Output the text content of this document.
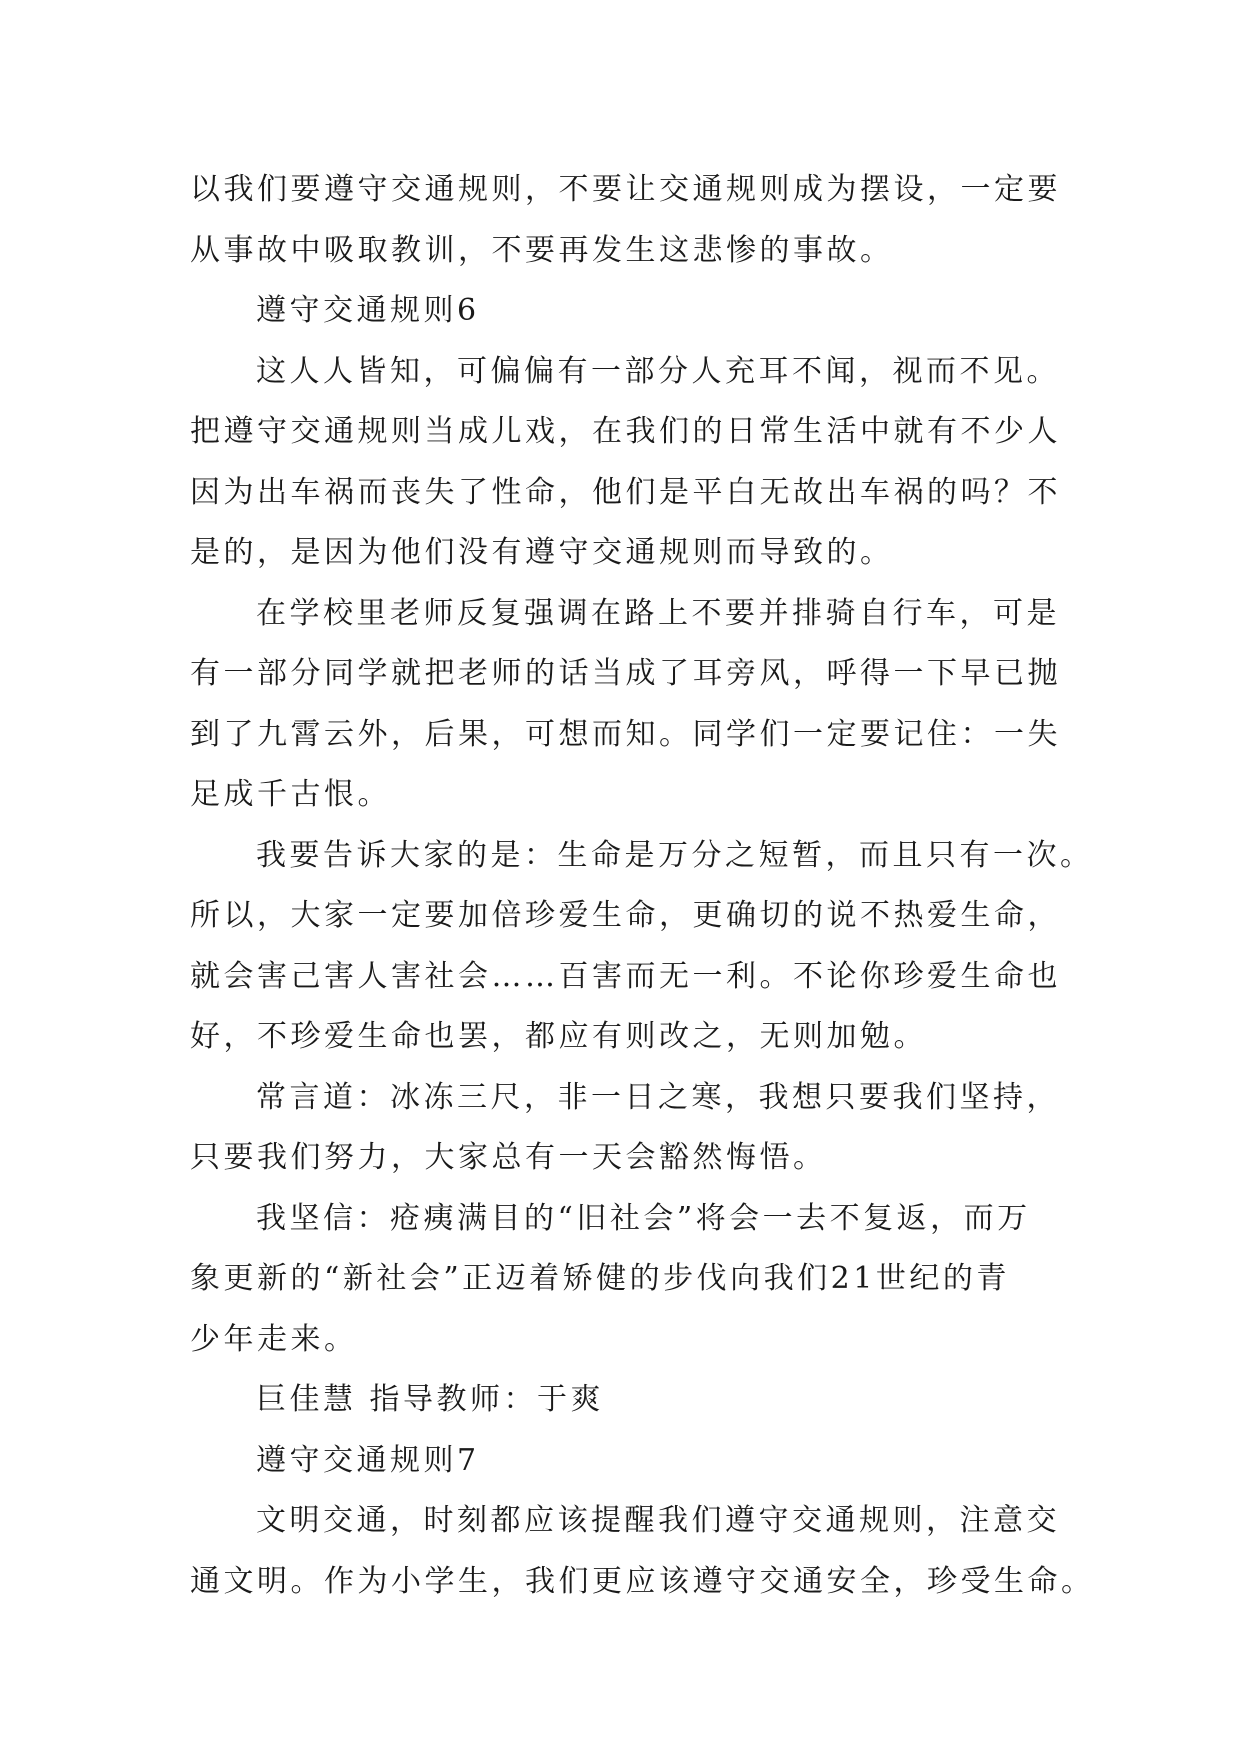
以我们要遵守交通规则，不要让交通规则成为摆设，一定要
从事故中吸取教训，不要再发生这悲惨的事故。
遵守交通规则6
这人人皆知，可偏偏有一部分人充耳不闻，视而不见。
把遵守交通规则当成儿戏，在我们的日常生活中就有不少人
因为出车祸而丧失了性命，他们是平白无故出车祸的吗？不
是的，是因为他们没有遵守交通规则而导致的。
在学校里老师反复强调在路上不要并排骑自行车，可是
有一部分同学就把老师的话当成了耳旁风，呼得一下早已抛
到了九霄云外，后果，可想而知。同学们一定要记住：一失
足成千古恨。
我要告诉大家的是：生命是万分之短暂，而且只有一次。
所以，大家一定要加倍珍爱生命，更确切的说不热爱生命，
就会害己害人害社会……百害而无一利。不论你珍爱生命也
好，不珍爱生命也罢，都应有则改之，无则加勉。
常言道：冰冻三尺，非一日之寒，我想只要我们坚持，
只要我们努力，大家总有一天会豁然悔悟。
我坚信：疮痍满目的“旧社会”将会一去不复返，而万
象更新的“新社会”正迈着矫健的步伐向我们21世纪的青
少年走来。
巨佳慧 指导教师：于爽
遵守交通规则7
文明交通，时刻都应该提醒我们遵守交通规则，注意交
通文明。作为小学生，我们更应该遵守交通安全，珍受生命。
